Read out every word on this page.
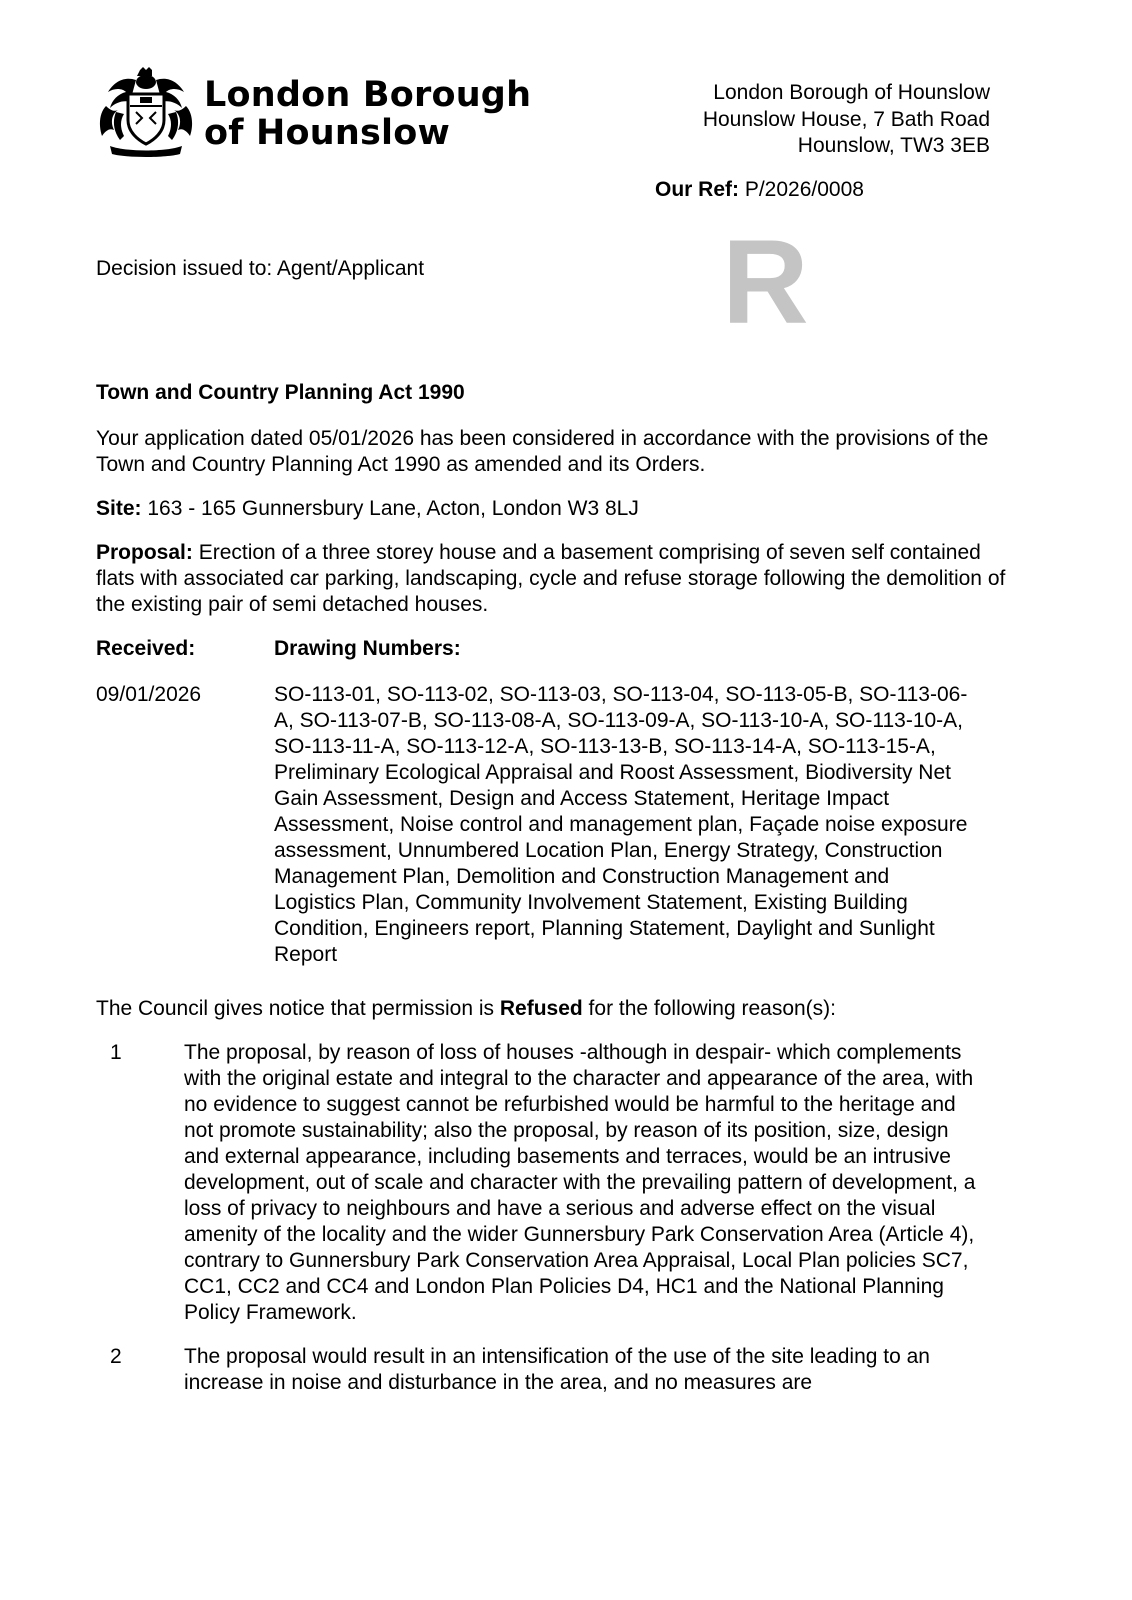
London Borough
of Hounslow
London Borough of Hounslow
Hounslow House, 7 Bath Road
Hounslow, TW3 3EB
Our Ref: P/2026/0008
R
Decision issued to: Agent/Applicant
Town and Country Planning Act 1990
Your application dated 05/01/2026 has been considered in accordance with the provisions of the Town and Country Planning Act 1990 as amended and its Orders.
Site: 163 - 165 Gunnersbury Lane, Acton, London W3 8LJ
Proposal: Erection of a three storey house and a basement comprising of seven self contained flats with associated car parking, landscaping, cycle and refuse storage following the demolition of the existing pair of semi detached houses.
Received:	Drawing Numbers:
09/01/2026	SO-113-01, SO-113-02, SO-113-03, SO-113-04, SO-113-05-B, SO-113-06-A, SO-113-07-B, SO-113-08-A, SO-113-09-A, SO-113-10-A, SO-113-10-A, SO-113-11-A, SO-113-12-A, SO-113-13-B, SO-113-14-A, SO-113-15-A, Preliminary Ecological Appraisal and Roost Assessment, Biodiversity Net Gain Assessment, Design and Access Statement, Heritage Impact Assessment, Noise control and management plan, Façade noise exposure assessment, Unnumbered Location Plan, Energy Strategy, Construction Management Plan, Demolition and Construction Management and Logistics Plan, Community Involvement Statement, Existing Building Condition, Engineers report, Planning Statement, Daylight and Sunlight Report
The Council gives notice that permission is Refused for the following reason(s):
1	The proposal, by reason of loss of houses -although in despair- which complements with the original estate and integral to the character and appearance of the area, with no evidence to suggest cannot be refurbished would be harmful to the heritage and not promote sustainability; also the proposal, by reason of its position, size, design and external appearance, including basements and terraces, would be an intrusive development, out of scale and character with the prevailing pattern of development, a loss of privacy to neighbours and have a serious and adverse effect on the visual amenity of the locality and the wider Gunnersbury Park Conservation Area (Article 4), contrary to Gunnersbury Park Conservation Area Appraisal, Local Plan policies SC7, CC1, CC2 and CC4 and London Plan Policies D4, HC1 and the National Planning Policy Framework.
2	The proposal would result in an intensification of the use of the site leading to an increase in noise and disturbance in the area, and no measures are
